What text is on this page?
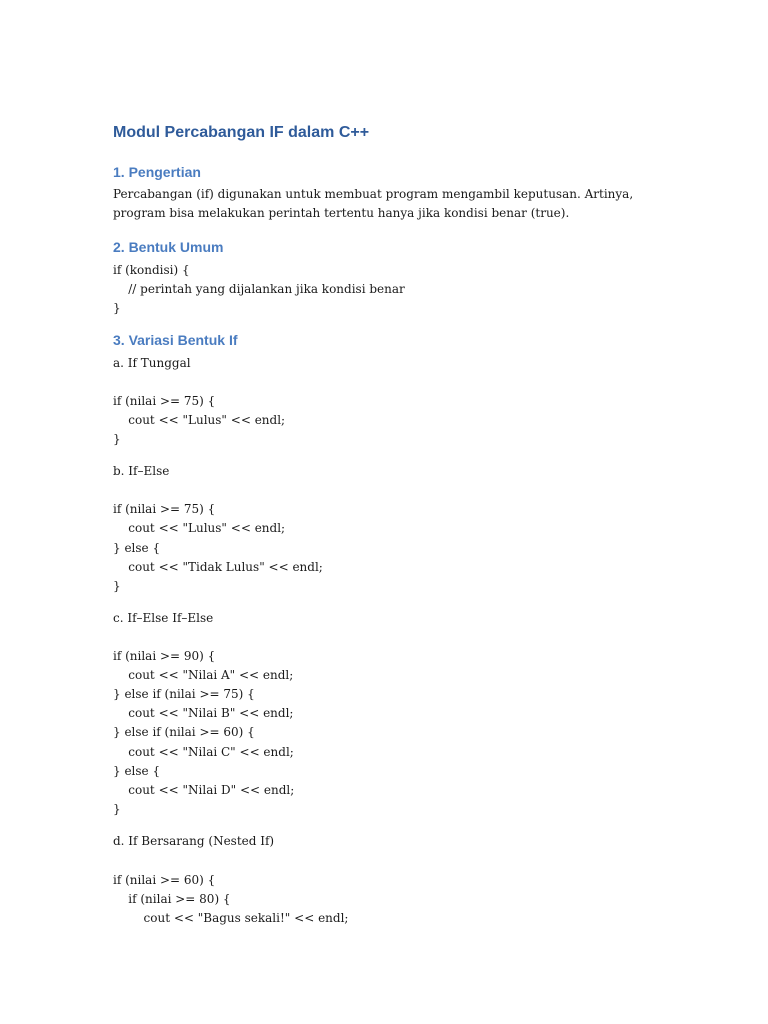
Modul Percabangan IF dalam C++
1. Pengertian

Percabangan (if) digunakan untuk membuat program mengambil keputusan. Artinya,

program bisa melakukan perintah tertentu hanya jika kondisi benar (true).

2. Bentuk Umum
if (kondisi) {
// perintah yang dijalankan jika kondisi benar
}
3. Variasi Bentuk If
a. If Tunggal
if (nilai >= 75) {
cout << "Lulus" << endl;
}
b. If–Else
if (nilai >= 75) {
cout << "Lulus" << endl;
} else {
cout << "Tidak Lulus" << endl;
}
c. If–Else If–Else
if (nilai >= 90) {
cout << "Nilai A" << endl;
} else if (nilai >= 75) {
cout << "Nilai B" << endl;
} else if (nilai >= 60) {
cout << "Nilai C" << endl;
} else {
cout << "Nilai D" << endl;
}
d. If Bersarang (Nested If)
if (nilai >= 60) {
if (nilai >= 80) {
cout << "Bagus sekali!" << endl;
